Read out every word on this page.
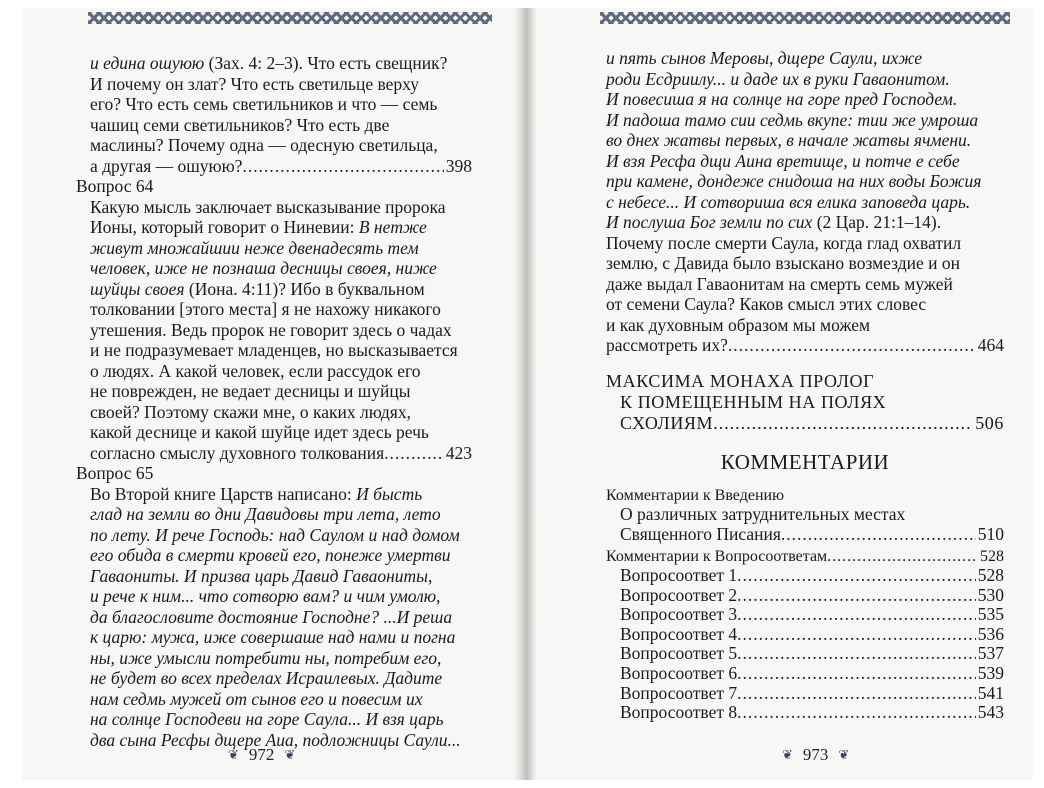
и едина ошуюю (Зах. 4: 2–3). Что есть свещник?
И почему он злат? Что есть светильце верху
его? Что есть семь светильников и что — семь
чашиц семи светильников? Что есть две
маслины? Почему одна — одесную светильца,
а другая — ошуюю? .....	398
Вопрос 64
Какую мысль заключает высказывание пророка
Ионы, который говорит о Ниневии: В нemже
живут множайшии неже двенадесять тем
человек, иже не познаша десницы своея, ниже
шуйцы своея (Иона. 4:11)? Ибо в буквальном
толковании [этого места] я не нахожу никакого
утешения. Ведь пророк не говорит здесь о чадах
и не подразумевает младенцев, но высказывается
о людях. А какой человек, если рассудок его
не поврежден, не ведает десницы и шуйцы
своей? Поэтому скажи мне, о каких людях,
какой деснице и какой шуйце идет здесь речь
согласно смыслу духовного толкования .....	423
Вопрос 65
Во Второй книге Царств написано: И бысть
глад на земли во дни Давидовы три лета, лето
по лету. И рече Господь: над Саулом и над домом
его обида в смерти кровей его, понеже умертви
Гаваониты. И призва царь Давид Гаваониты,
и рече к ним... что сотворю вам? и чим умолю,
да благословите достояние Господне? ...И реша
к царю: мужа, иже совершаше над нами и погна
ны, иже умысли потребити ны, потребим его,
не будет во всех пределах Исраилевых. Дадите
нам седмь мужей от сынов его и повесим их
на солнце Господеви на горе Саула... И взя царь
два сына Ресфы дщере Аиа, подложницы Саули...
❦ 972 ❦
и пять сынов Меровы, дщере Саули, ихже
роди Есдриилу... и даде их в руки Гаваонитом.
И повесиша я на солнце на горе пред Господем.
И падоша тамо сии седмь вкупе: тии же умроша
во днех жатвы первых, в начале жатвы ячмени.
И взя Ресфа дщи Аина вретище, и потче е себе
при камене, дондеже снидоша на них воды Божия
с небесе... И сотвориша вся елика заповеда царь.
И послуша Бог земли по сих (2 Цар. 21:1–14).
Почему после смерти Саула, когда глад охватил
землю, с Давида было взыскано возмездие и он
даже выдал Гаваонитам на смерть семь мужей
от семени Саула? Каков смысл этих словес
и как духовным образом мы можем
рассмотреть их? .....	464
МАКСИМА МОНАХА ПРОЛОГ
К ПОМЕЩЕННЫМ НА ПОЛЯХ
СХОЛИЯМ .....	506
КОММЕНТАРИИ
Комментарии к Введению
О различных затруднительных местах
Священного Писания .....	510
Комментарии к Вопросоответам .....	528
Вопросоответ 1 .....	528
Вопросоответ 2 .....	530
Вопросоответ 3 .....	535
Вопросоответ 4 .....	536
Вопросоответ 5 .....	537
Вопросоответ 6 .....	539
Вопросоответ 7 .....	541
Вопросоответ 8 .....	543
❦ 973 ❦
